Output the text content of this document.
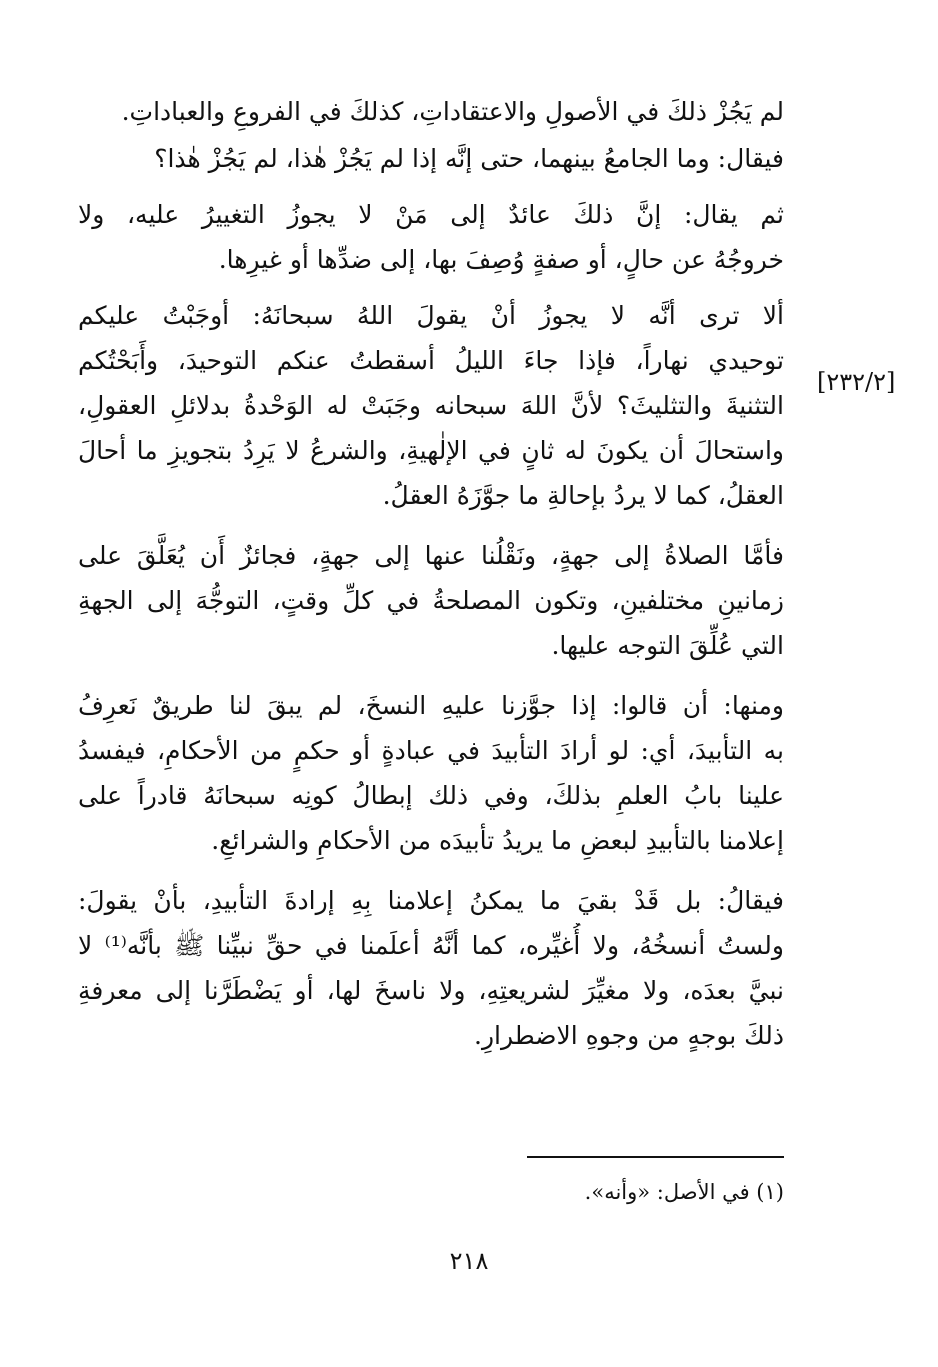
[٢٣٢/٢]
لم يَجُزْ ذلكَ في الأصولِ والاعتقاداتِ، كذلكَ في الفروعِ والعباداتِ.
فيقال: وما الجامعُ بينهما، حتى إنَّه إذا لم يَجُزْ هٰذا، لم يَجُزْ هٰذا؟
ثم يقال: إنَّ ذلكَ عائدٌ إلى مَنْ لا يجوزُ التغييرُ عليه، ولا
خروجُهُ عن حالٍ، أو صفةٍ وُصِفَ بها، إلى ضدِّها أو غيرِها.
ألا ترى أنَّه لا يجوزُ أنْ يقولَ اللهُ سبحانَهُ: أوجَبْتُ عليكم
توحيدي نهاراً، فإذا جاءَ الليلُ أسقطتُ عنكم التوحيدَ، وأَبَحْتُكم
التثنيةَ والتثليثَ؟ لأنَّ اللهَ سبحانه وجَبَتْ له الوَحْدةُ بدلائلِ العقولِ،
واستحالَ أن يكونَ له ثانٍ في الإلٰهيةِ، والشرعُ لا يَرِدُ بتجويزِ ما أحالَ
العقلُ، كما لا يردُ بإحالةِ ما جوَّزَهُ العقلُ.
فأمَّا الصلاةُ إلى جهةٍ، ونَقْلُنا عنها إلى جهةٍ، فجائزٌ أَن يُعَلَّقَ على
زمانينِ مختلفينِ، وتكون المصلحةُ في كلِّ وقتٍ، التوجُّهَ إلى الجهةِ
التي عُلِّقَ التوجه عليها.
ومنها: أن قالوا: إذا جوَّزنا عليهِ النسخَ، لم يبقَ لنا طريقٌ نَعرِفُ
به التأبيدَ، أي: لو أرادَ التأبيدَ في عبادةٍ أو حكمٍ من الأحكامِ، فيفسدُ
علينا بابُ العلمِ بذلكَ، وفي ذلك إبطالُ كونِه سبحانَهُ قادراً على
إعلامنا بالتأبيدِ لبعضِ ما يريدُ تأبيدَه من الأحكامِ والشرائعِ.
فيقالُ: بل قَدْ بقيَ ما يمكنُ إعلامنا بِهِ إرادةَ التأبيدِ، بأنْ يقولَ:
ولستُ أنسخُهُ، ولا أُغيِّره، كما أنَّهُ أعلَمنا في حقِّ نبيِّنا ﷺ بأنَّه⁽¹⁾ لا
نبيَّ بعدَه، ولا مغيِّرَ لشريعتِهِ، ولا ناسخَ لها، أو يَضْطَرَّنا إلى معرفةِ
ذلكَ بوجهٍ من وجوهِ الاضطرارِ.
(١) في الأصل: «وأنه».
٢١٨
